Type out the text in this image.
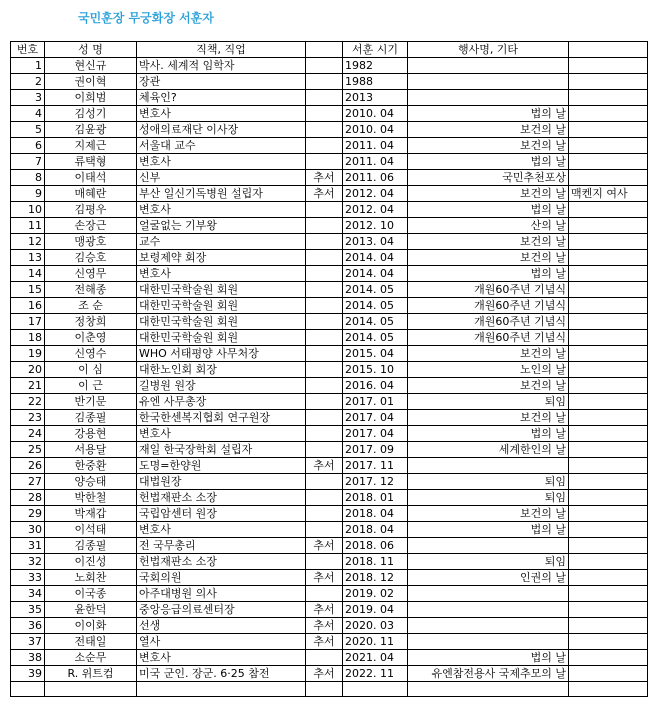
국민훈장 무궁화장 서훈자
번호	성 명	직책, 직업		서훈 시기	행사명, 기타	
1	현신규	박사. 세계적 임학자		1982		
2	권이혁	장관		1988		
3	이희범	체육인?		2013		
4	김성기	변호사		2010. 04	법의 날	
5	김윤광	성애의료재단 이사장		2010. 04	보건의 날	
6	지제근	서울대 교수		2011. 04	보건의 날	
7	류택형	변호사		2011. 04	법의 날	
8	이태석	신부	추서	2011. 06	국민추천포상	
9	매혜란	부산 일신기독병원 설립자	추서	2012. 04	보건의 날	맥켄지 여사
10	김평우	변호사		2012. 04	법의 날	
11	손장근	얼굴없는 기부왕		2012. 10	산의 날	
12	맹광호	교수		2013. 04	보건의 날	
13	김승호	보령제약 회장		2014. 04	보건의 날	
14	신영무	변호사		2014. 04	법의 날	
15	전해종	대한민국학술원 회원		2014. 05	개원60주년 기념식	
16	조 순	대한민국학술원 회원		2014. 05	개원60주년 기념식	
17	정창희	대한민국학술원 회원		2014. 05	개원60주년 기념식	
18	이춘영	대한민국학술원 회원		2014. 05	개원60주년 기념식	
19	신영수	WHO 서태평양 사무처장		2015. 04	보건의 날	
20	이 심	대한노인회 회장		2015. 10	노인의 날	
21	이 근	길병원 원장		2016. 04	보건의 날	
22	반기문	유엔 사무총장		2017. 01	퇴임	
23	김종필	한국한센복지협회 연구원장		2017. 04	보건의 날	
24	강용현	변호사		2017. 04	법의 날	
25	서용달	재일 한국장학회 설립자		2017. 09	세계한인의 날	
26	한중환	도명=한양원	추서	2017. 11		
27	양승태	대법원장		2017. 12	퇴임	
28	박한철	헌법재판소 소장		2018. 01	퇴임	
29	박재갑	국립암센터 원장		2018. 04	보건의 날	
30	이석태	변호사		2018. 04	법의 날	
31	김종필	전 국무총리	추서	2018. 06		
32	이진성	헌법재판소 소장		2018. 11	퇴임	
33	노회찬	국회의원	추서	2018. 12	인권의 날	
34	이국종	아주대병원 의사		2019. 02		
35	윤한덕	중앙응급의료센터장	추서	2019. 04		
36	이이화	선생	추서	2020. 03		
37	전태일	열사	추서	2020. 11		
38	소순무	변호사		2021. 04	법의 날	
39	R. 위트컴	미국 군인. 장군. 6·25 참전	추서	2022. 11	유엔참전용사 국제추모의 날	
